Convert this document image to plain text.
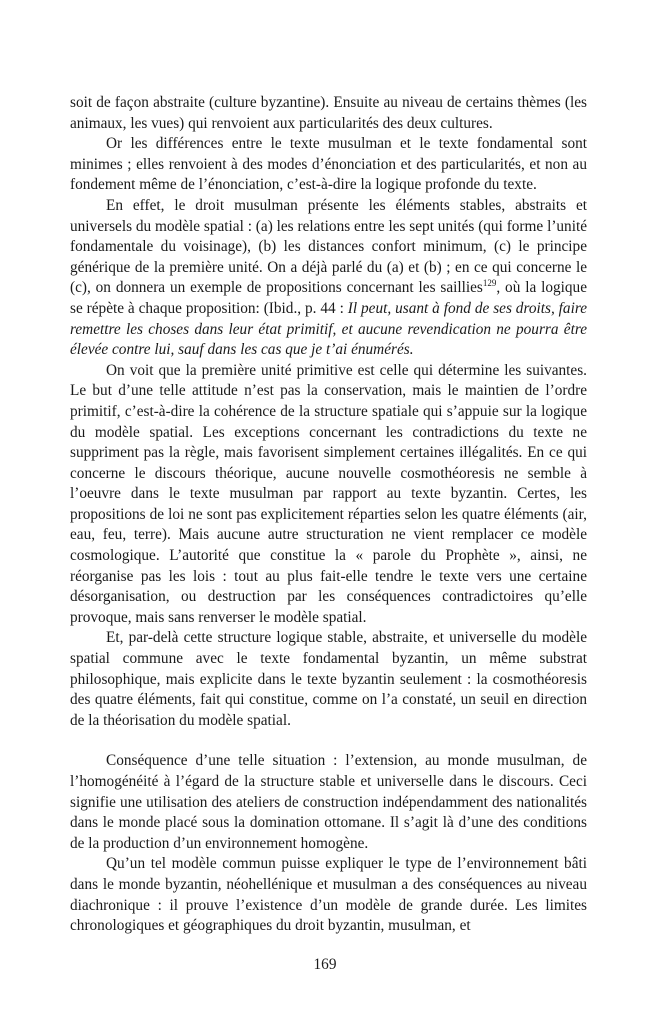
soit de façon abstraite (culture byzantine). Ensuite au niveau de certains thèmes (les animaux, les vues) qui renvoient aux particularités des deux cultures.

Or les différences entre le texte musulman et le texte fondamental sont minimes ; elles renvoient à des modes d’énonciation et des particularités, et non au fondement même de l’énonciation, c’est-à-dire la logique profonde du texte.

En effet, le droit musulman présente les éléments stables, abstraits et universels du modèle spatial : (a) les relations entre les sept unités (qui forme l’unité fondamentale du voisinage), (b) les distances confort minimum, (c) le principe générique de la première unité. On a déjà parlé du (a) et (b) ; en ce qui concerne le (c), on donnera un exemple de propositions concernant les saillies$^{129}$, où la logique se répète à chaque proposition: (Ibid., p. 44 : Il peut, usant à fond de ses droits, faire remettre les choses dans leur état primitif, et aucune revendication ne pourra être élevée contre lui, sauf dans les cas que je t’ai énumérés.

On voit que la première unité primitive est celle qui détermine les suivantes. Le but d’une telle attitude n’est pas la conservation, mais le maintien de l’ordre primitif, c’est-à-dire la cohérence de la structure spatiale qui s’appuie sur la logique du modèle spatial. Les exceptions concernant les contradictions du texte ne suppriment pas la règle, mais favorisent simplement certaines illégalités. En ce qui concerne le discours théorique, aucune nouvelle cosmothéoresis ne semble à l’oeuvre dans le texte musulman par rapport au texte byzantin. Certes, les propositions de loi ne sont pas explicitement réparties selon les quatre éléments (air, eau, feu, terre). Mais aucune autre structuration ne vient remplacer ce modèle cosmologique. L’autorité que constitue la « parole du Prophète », ainsi, ne réorganise pas les lois : tout au plus fait-elle tendre le texte vers une certaine désorganisation, ou destruction par les conséquences contradictoires qu’elle provoque, mais sans renverser le modèle spatial.

Et, par-delà cette structure logique stable, abstraite, et universelle du modèle spatial commune avec le texte fondamental byzantin, un même substrat philosophique, mais explicite dans le texte byzantin seulement : la cosmothéoresis des quatre éléments, fait qui constitue, comme on l’a constaté, un seuil en direction de la théorisation du modèle spatial.

Conséquence d’une telle situation : l’extension, au monde musulman, de l’homogénéité à l’égard de la structure stable et universelle dans le discours. Ceci signifie une utilisation des ateliers de construction indépendamment des nationalités dans le monde placé sous la domination ottomane. Il s’agit là d’une des conditions de la production d’un environnement homogène.

Qu’un tel modèle commun puisse expliquer le type de l’environnement bâti dans le monde byzantin, néohellénique et musulman a des conséquences au niveau diachronique : il prouve l’existence d’un modèle de grande durée. Les limites chronologiques et géographiques du droit byzantin, musulman, et

169
